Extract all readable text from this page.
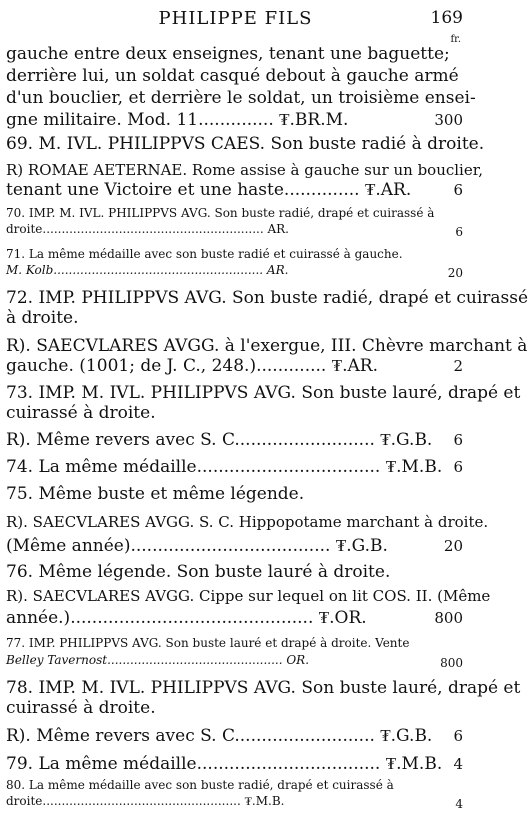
PHILIPPE FILS	169
fr.
gauche entre deux enseignes, tenant une baguette;
derrière lui, un soldat casqué debout à gauche armé
d'un bouclier, et derrière le soldat, un troisième ensei-
gne militaire. Mod. 11.............. ₮.BR.M.	300
69. M. IVL. PHILIPPVS CAES. Son buste radié à droite.
R) ROMAE AETERNAE. Rome assise à gauche sur un bouclier,
tenant une Victoire et une haste.............. ₮.AR.	6
70. IMP. M. IVL. PHILIPPVS AVG. Son buste radié, drapé et cuirassé à
droite.......................................................... AR.	6
71. La même médaille avec son buste radié et cuirassé à gauche.
M. Kolb....................................................... AR.	20
72. IMP. PHILIPPVS AVG. Son buste radié, drapé et cuirassé
à droite.
R). SAECVLARES AVGG. à l'exergue, III. Chèvre marchant à
gauche. (1001; de J. C., 248.)............. ₮.AR.	2
73. IMP. M. IVL. PHILIPPVS AVG. Son buste lauré, drapé et
cuirassé à droite.
R). Même revers avec S. C.......................... ₮.G.B.	6
74. La même médaille.................................. ₮.M.B. 6
75. Même buste et même légende.
R). SAECVLARES AVGG. S. C. Hippopotame marchant à droite.
(Même année)..................................... ₮.G.B.	20
76. Même légende. Son buste lauré à droite.
R). SAECVLARES AVGG. Cippe sur lequel on lit COS. II. (Même
année.)............................................. ₮.OR.	800
77. IMP. PHILIPPVS AVG. Son buste lauré et drapé à droite. Vente
Belley Tavernost.............................................. OR.	800
78. IMP. M. IVL. PHILIPPVS AVG. Son buste lauré, drapé et
cuirassé à droite.
R). Même revers avec S. C.......................... ₮.G.B.	6
79. La même médaille.................................. ₮.M.B. 4
80. La même médaille avec son buste radié, drapé et cuirassé à
droite.................................................... ₮.M.B.	4
